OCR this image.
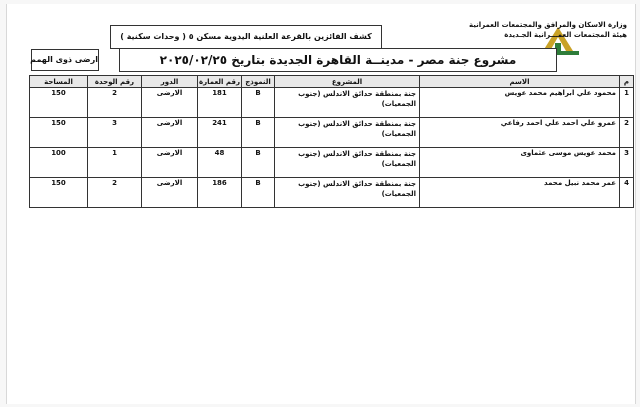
وزارة الاسكان والمرافق والمجتمعات العمرانية
هيئة المجتمعات العمـــرانية الجـديدة
كشف الفائزين بالقرعة العلنية اليدوية مسكن ٥ ( وحدات سكنية )
مشروع جنة مصر - مدينــة القاهرة الجديدة بتاريخ ٢٠٢٥/٠٢/٢٥
ارضى ذوى الهمم
م	الاسم	المشروع	النموذج	رقم العمارة	الدور	رقم الوحدة	المساحة
1	محمود علي ابراهيم محمد عويس	جنة بمنطقة حدائق الاندلس (جنوب الجمعيات)	B	181	الارضى	2	150
2	عمرو علي احمد علي احمد رفاعي	جنة بمنطقة حدائق الاندلس (جنوب الجمعيات)	B	241	الارضى	3	150
3	محمد عويس موسى عثماوى	جنة بمنطقة حدائق الاندلس (جنوب الجمعيات)	B	48	الارضى	1	100
4	عمر محمد نبيل محمد	جنة بمنطقة حدائق الاندلس (جنوب الجمعيات)	B	186	الارضى	2	150
